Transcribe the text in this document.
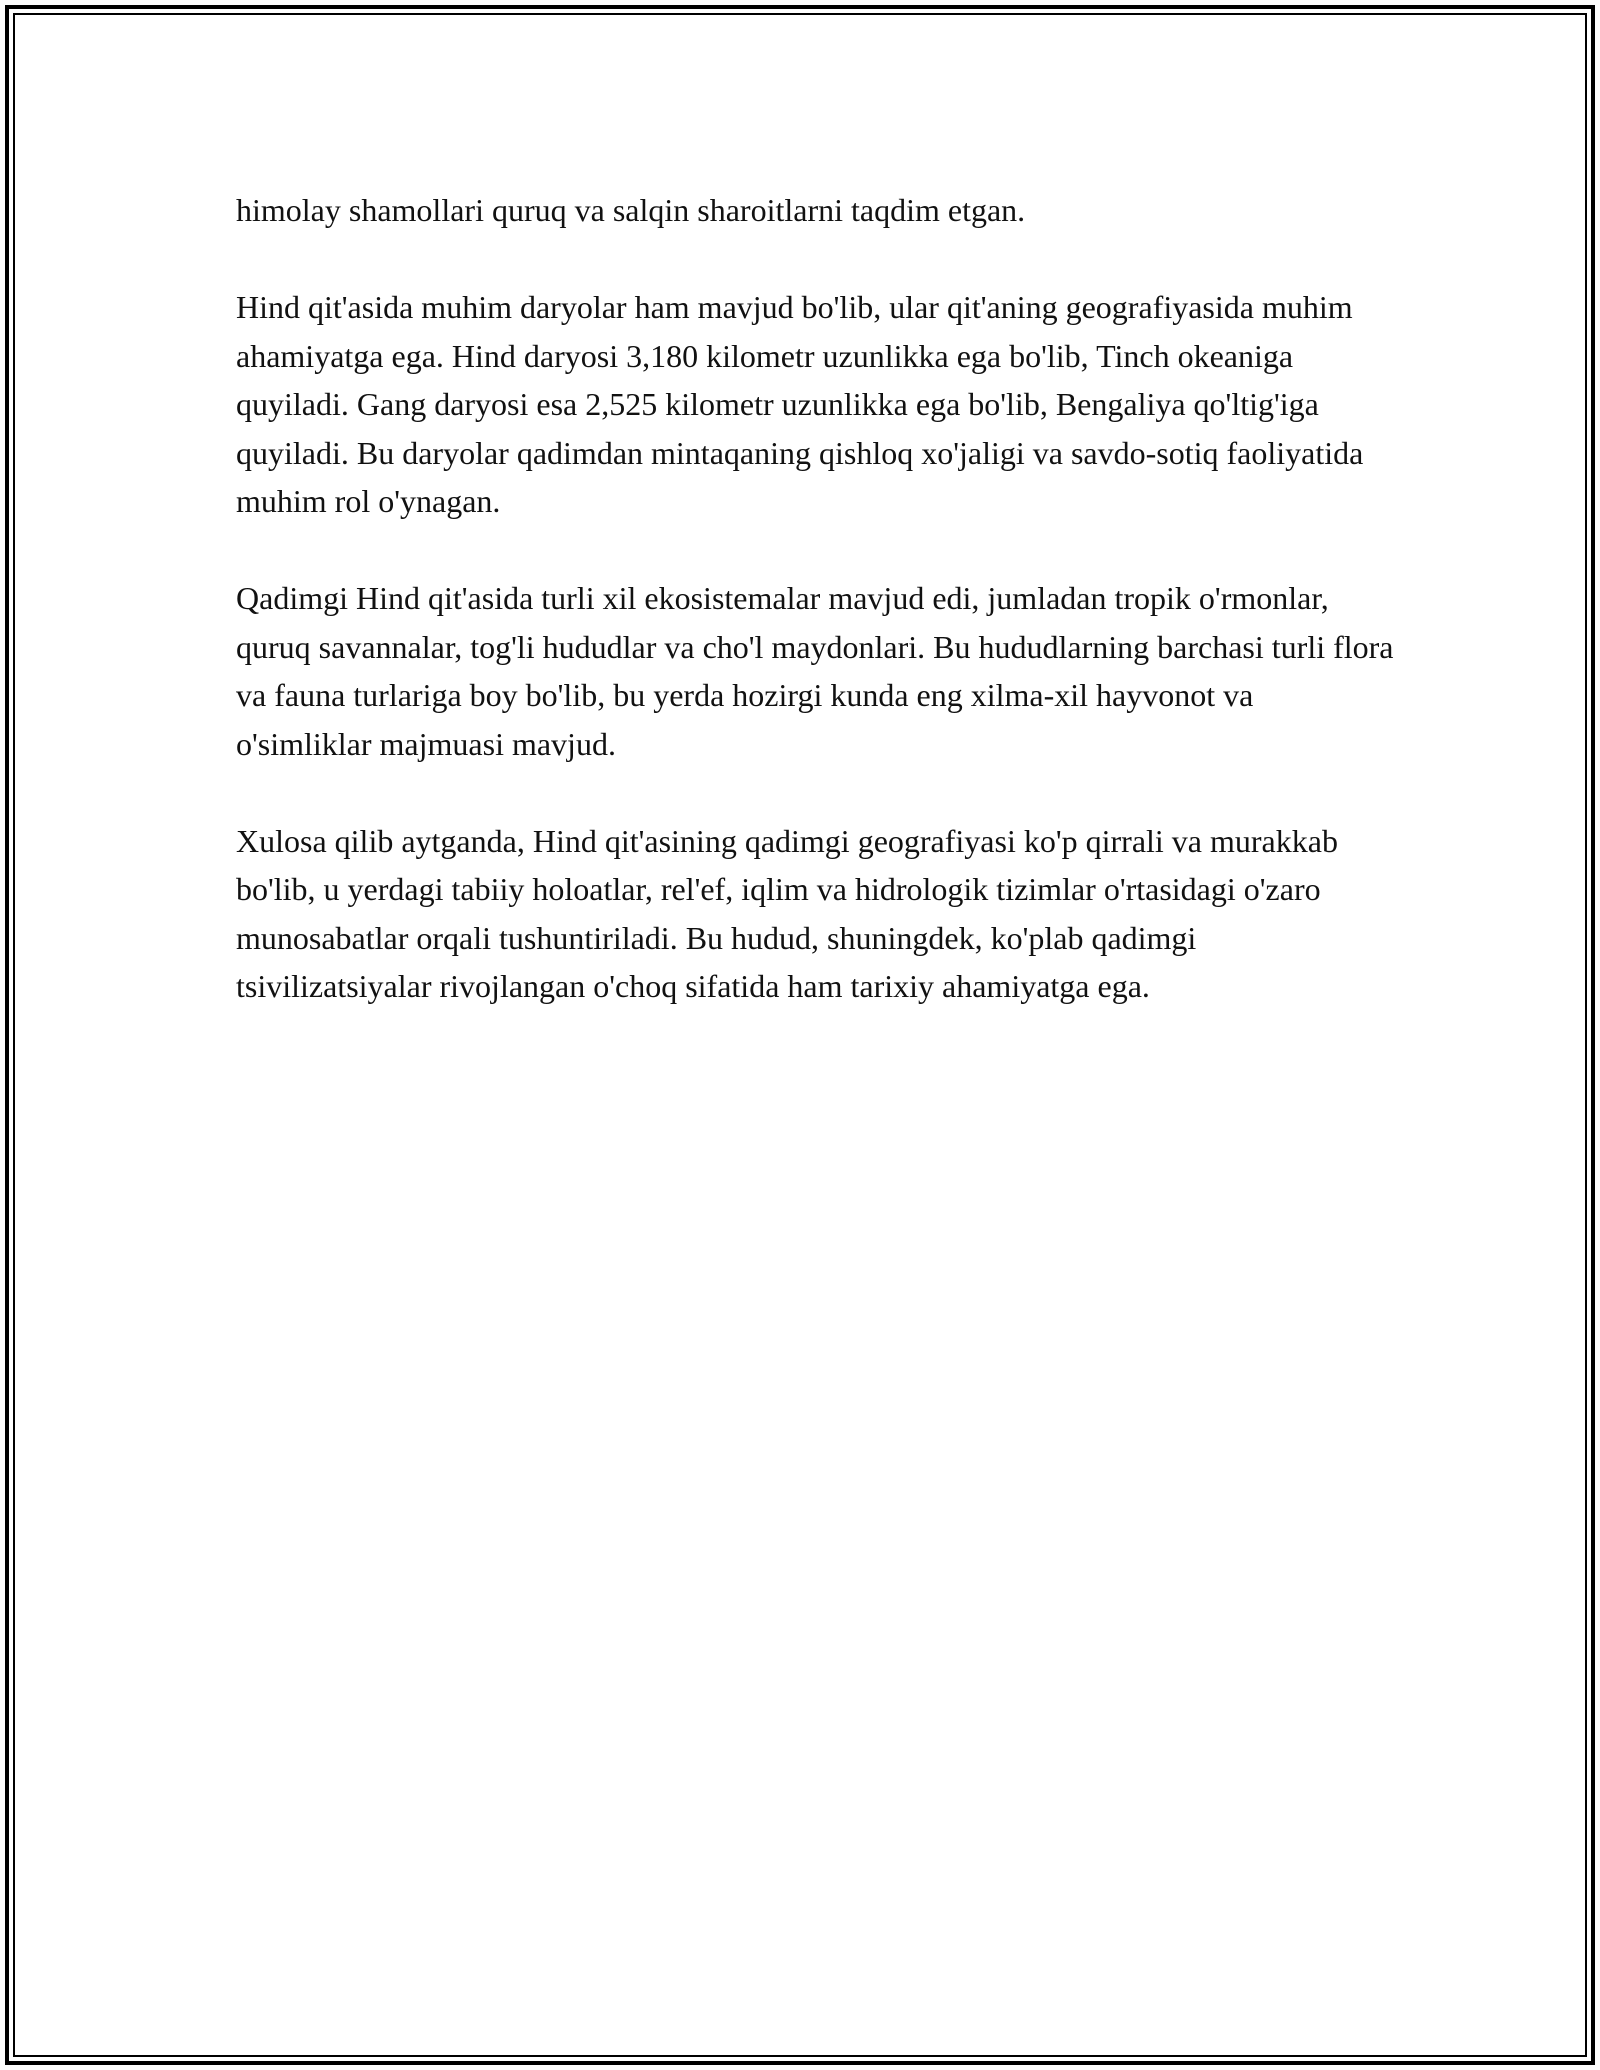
himolay shamollari quruq va salqin sharoitlarni taqdim etgan.

Hind qit'asida muhim daryolar ham mavjud bo'lib, ular qit'aning geografiyasida muhim ahamiyatga ega. Hind daryosi 3,180 kilometr uzunlikka ega bo'lib, Tinch okeaniga quyiladi. Gang daryosi esa 2,525 kilometr uzunlikka ega bo'lib, Bengaliya qo'ltig'iga quyiladi. Bu daryolar qadimdan mintaqaning qishloq xo'jaligi va savdo-sotiq faoliyatida muhim rol o'ynagan.

Qadimgi Hind qit'asida turli xil ekosistemalar mavjud edi, jumladan tropik o'rmonlar, quruq savannalar, tog'li hududlar va cho'l maydonlari. Bu hududlarning barchasi turli flora va fauna turlariga boy bo'lib, bu yerda hozirgi kunda eng xilma-xil hayvonot va o'simliklar majmuasi mavjud.

Xulosa qilib aytganda, Hind qit'asining qadimgi geografiyasi ko'p qirrali va murakkab bo'lib, u yerdagi tabiiy holoatlar, rel'ef, iqlim va hidrologik tizimlar o'rtasidagi o'zaro munosabatlar orqali tushuntiriladi. Bu hudud, shuningdek, ko'plab qadimgi tsivilizatsiyalar rivojlangan o'choq sifatida ham tarixiy ahamiyatga ega.
